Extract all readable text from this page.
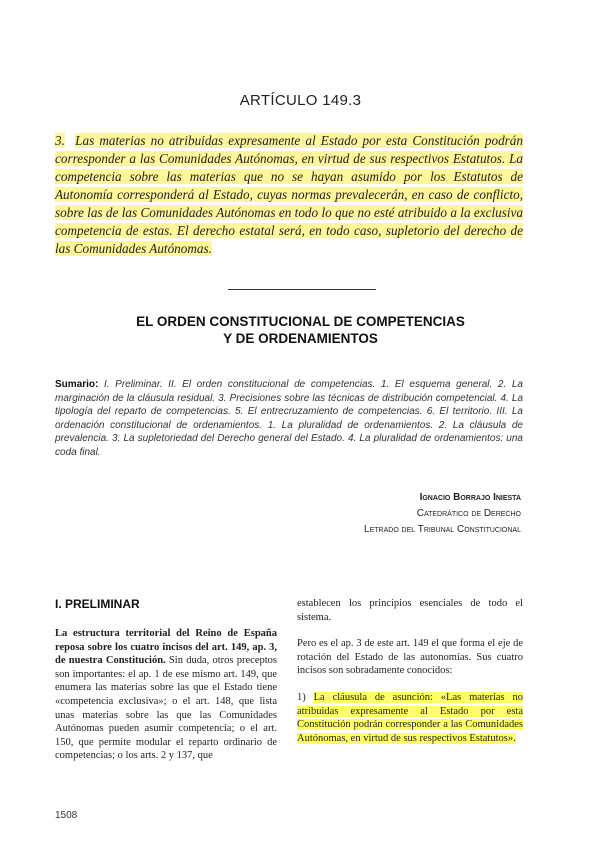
ARTÍCULO 149.3
3. Las materias no atribuidas expresamente al Estado por esta Constitución podrán corresponder a las Comunidades Autónomas, en virtud de sus respectivos Estatutos. La competencia sobre las materias que no se hayan asumido por los Estatutos de Autonomía corresponderá al Estado, cuyas normas prevalecerán, en caso de conflicto, sobre las de las Comunidades Autónomas en todo lo que no esté atribuido a la exclusiva competencia de estas. El derecho estatal será, en todo caso, supletorio del derecho de las Comunidades Autónomas.
EL ORDEN CONSTITUCIONAL DE COMPETENCIAS
Y DE ORDENAMIENTOS
Sumario: I. Preliminar. II. El orden constitucional de competencias. 1. El esquema general. 2. La marginación de la cláusula residual. 3. Precisiones sobre las técnicas de distribución competencial. 4. La tipología del reparto de competencias. 5. El entrecruzamiento de competencias. 6. El territorio. III. La ordenación constitucional de ordenamientos. 1. La pluralidad de ordenamientos. 2. La cláusula de prevalencia. 3. La supletoriedad del Derecho general del Estado. 4. La pluralidad de ordenamientos: una coda final.
Ignacio Borrajo Iniesta
Catedrático de Derecho
Letrado del Tribunal Constitucional
I. PRELIMINAR
La estructura territorial del Reino de España reposa sobre los cuatro incisos del art. 149, ap. 3, de nuestra Constitución. Sin duda, otros preceptos son importantes: el ap. 1 de ese mismo art. 149, que enumera las materias sobre las que el Estado tiene «competencia exclusiva»; o el art. 148, que lista unas materias sobre las que las Comunidades Autónomas pueden asumir competencia; o el art. 150, que permite modular el reparto ordinario de competencias; o los arts. 2 y 137, que

establecen los principios esenciales de todo el sistema.

Pero es el ap. 3 de este art. 149 el que forma el eje de rotación del Estado de las autonomías. Sus cuatro incisos son sobradamente conocidos:

1) La cláusula de asunción: «Las materias no atribuidas expresamente al Estado por esta Constitución podrán corresponder a las Comunidades Autónomas, en virtud de sus respectivos Estatutos».

1508
